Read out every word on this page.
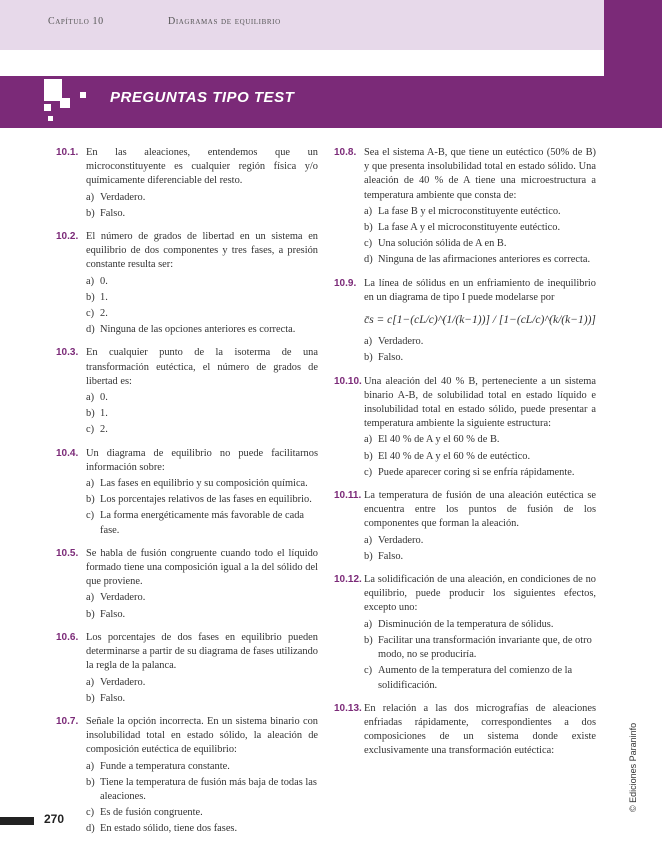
Capítulo 10	Diagramas de equilibrio
PREGUNTAS TIPO TEST
10.1. En las aleaciones, entendemos que un microconstituyente es cualquier región física y/o químicamente diferenciable del resto.
a) Verdadero.
b) Falso.
10.2. El número de grados de libertad en un sistema en equilibrio de dos componentes y tres fases, a presión constante resulta ser:
a) 0.
b) 1.
c) 2.
d) Ninguna de las opciones anteriores es correcta.
10.3. En cualquier punto de la isoterma de una transformación eutéctica, el número de grados de libertad es:
a) 0.
b) 1.
c) 2.
10.4. Un diagrama de equilibrio no puede facilitarnos información sobre:
a) Las fases en equilibrio y su composición química.
b) Los porcentajes relativos de las fases en equilibrio.
c) La forma energéticamente más favorable de cada fase.
10.5. Se habla de fusión congruente cuando todo el líquido formado tiene una composición igual a la del sólido del que proviene.
a) Verdadero.
b) Falso.
10.6. Los porcentajes de dos fases en equilibrio pueden determinarse a partir de su diagrama de fases utilizando la regla de la palanca.
a) Verdadero.
b) Falso.
10.7. Señale la opción incorrecta. En un sistema binario con insolubilidad total en estado sólido, la aleación de composición eutéctica de equilibrio:
a) Funde a temperatura constante.
b) Tiene la temperatura de fusión más baja de todas las aleaciones.
c) Es de fusión congruente.
d) En estado sólido, tiene dos fases.
10.8. Sea el sistema A-B, que tiene un eutéctico (50% de B) y que presenta insolubilidad total en estado sólido. Una aleación de 40 % de A tiene una microestructura a temperatura ambiente que consta de:
a) La fase B y el microconstituyente eutéctico.
b) La fase A y el microconstituyente eutéctico.
c) Una solución sólida de A en B.
d) Ninguna de las afirmaciones anteriores es correcta.
10.9. La línea de sólidus en un enfriamiento de inequilibrio en un diagrama de tipo I puede modelarse por
c̄s = c[1−(cL/c)^(1/(k−1))] / [1−(cL/c)^(k/(k−1))]
a) Verdadero.
b) Falso.
10.10. Una aleación del 40 % B, perteneciente a un sistema binario A-B, de solubilidad total en estado líquido e insolubilidad total en estado sólido, puede presentar a temperatura ambiente la siguiente estructura:
a) El 40 % de A y el 60 % de B.
b) El 40 % de A y el 60 % de eutéctico.
c) Puede aparecer coring si se enfría rápidamente.
10.11. La temperatura de fusión de una aleación eutéctica se encuentra entre los puntos de fusión de los componentes que forman la aleación.
a) Verdadero.
b) Falso.
10.12. La solidificación de una aleación, en condiciones de no equilibrio, puede producir los siguientes efectos, excepto uno:
a) Disminución de la temperatura de sólidus.
b) Facilitar una transformación invariante que, de otro modo, no se produciría.
c) Aumento de la temperatura del comienzo de la solidificación.
10.13. En relación a las dos micrografías de aleaciones enfriadas rápidamente, correspondientes a dos composiciones de un sistema donde existe exclusivamente una transformación eutéctica:
270
© Ediciones Paraninfo
